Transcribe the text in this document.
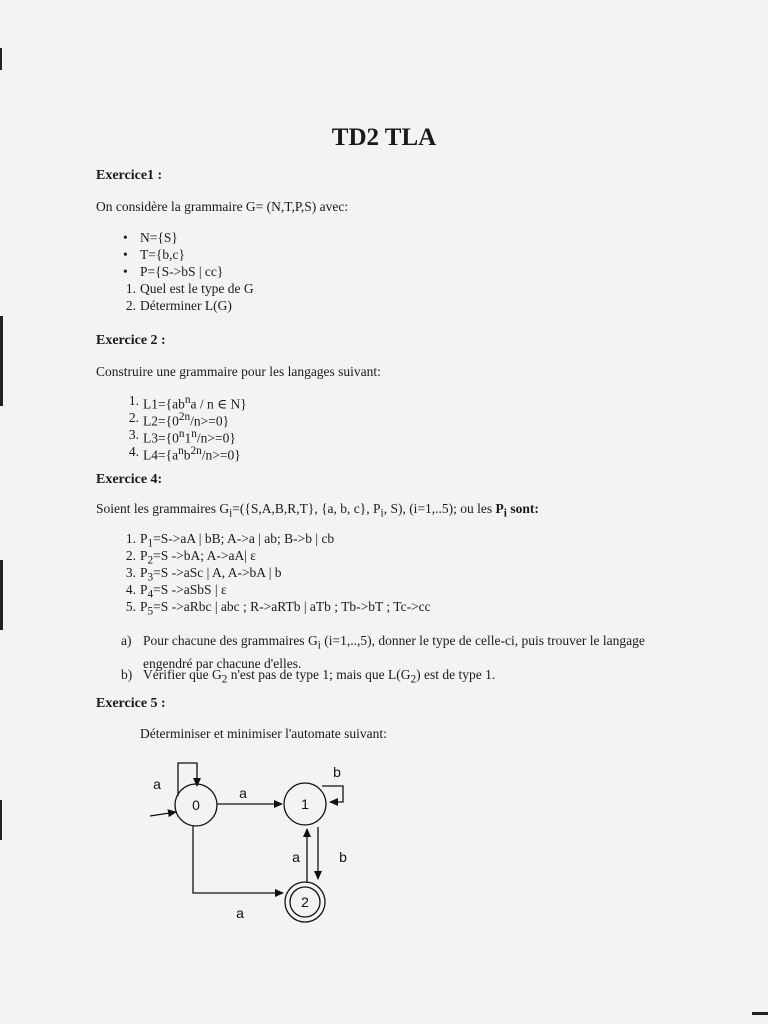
TD2 TLA
Exercice1 :
On considère la grammaire G= (N,T,P,S) avec:
• N={S}
• T={b,c}
• P={S->bS | cc}
1. Quel est le type de G
2. Déterminer L(G)
Exercice 2 :
Construire une grammaire pour les langages suivant:
1. $L1=\{ab^na / n$ ∈ N}
2. $L2=\{0^{2n}/n>=0\}$
3. $L3=\{0^n1^n/n>=0\}$
4. $L4=\{a^nb^{2n}/n>=0\}$
Exercice 4:
Soient les grammaires $G_i=(\{S,A,B,R,T\}$, {a, b, c}, $P_i$, S), (i=1,..5); ou les $P_i$ sont:
1. $P_1=S->aA$ | bB; A->a | ab; B->b | cb
2. $P_2=S$ ->bA; A->aA| ε
3. $P_3=S$ ->aSc | A, A->bA | b
4. $P_4=S$ ->aSbS | ε
5. $P_5=S$ ->aRbc | abc ; R->aRTb | aTb ; Tb->bT ; Tc->cc
a) Pour chacune des grammaires $G_i$ (i=1,..,5), donner le type de celle-ci, puis trouver le langage
engendré par chacune d'elles.
b) Vérifier que $G_2$ n'est pas de type 1; mais que $L(G_2)$ est de type 1.
Exercice 5 :
Déterminiser et minimiser l'automate suivant:
0	1
2
a
a
a
b
b
a
